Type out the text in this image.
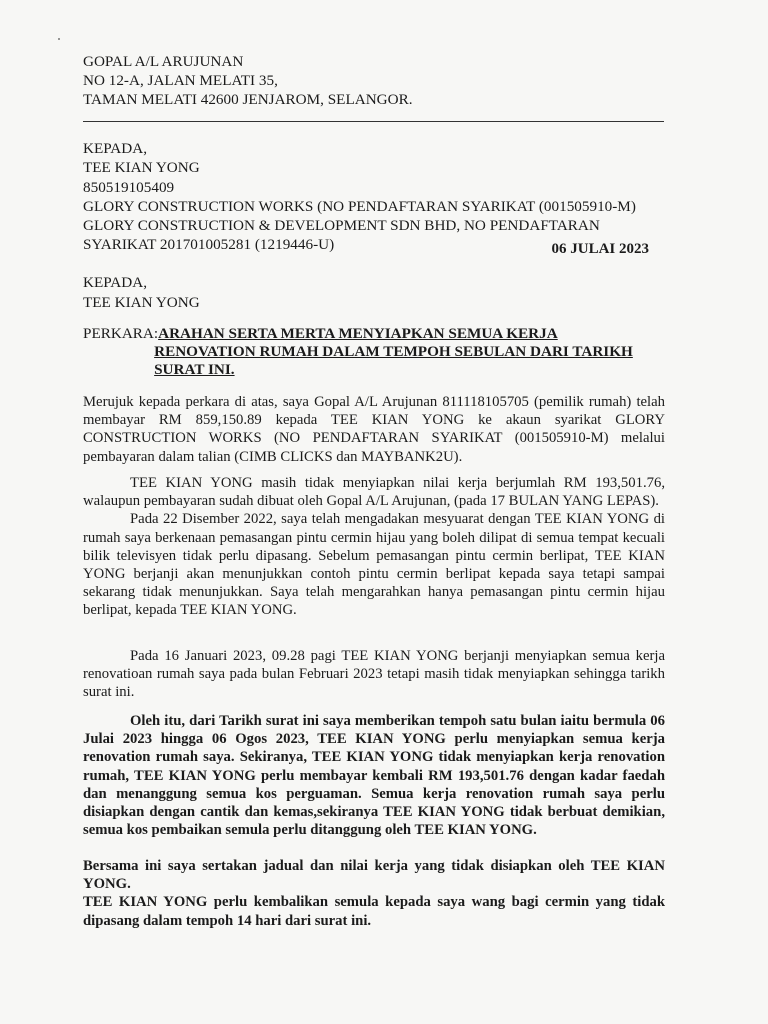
GOPAL A/L ARUJUNAN
NO 12-A, JALAN MELATI 35,
TAMAN MELATI 42600 JENJAROM, SELANGOR.
KEPADA,
TEE KIAN YONG
850519105409
GLORY CONSTRUCTION WORKS (NO PENDAFTARAN SYARIKAT (001505910-M)
GLORY CONSTRUCTION & DEVELOPMENT SDN BHD, NO PENDAFTARAN
SYARIKAT 201701005281 (1219446-U)	06 JULAI 2023
KEPADA,
TEE KIAN YONG
PERKARA: ARAHAN SERTA MERTA MENYIAPKAN SEMUA KERJA
RENOVATION RUMAH DALAM TEMPOH SEBULAN DARI TARIKH
SURAT INI.

Merujuk kepada perkara di atas, saya Gopal A/L Arujunan 811118105705 (pemilik rumah) telah membayar RM 859,150.89 kepada TEE KIAN YONG ke akaun syarikat GLORY CONSTRUCTION WORKS (NO PENDAFTARAN SYARIKAT (001505910-M) melalui pembayaran dalam talian (CIMB CLICKS dan MAYBANK2U).

TEE KIAN YONG masih tidak menyiapkan nilai kerja berjumlah RM 193,501.76, walaupun pembayaran sudah dibuat oleh Gopal A/L Arujunan, (pada 17 BULAN YANG LEPAS).

Pada 22 Disember 2022, saya telah mengadakan mesyuarat dengan TEE KIAN YONG di rumah saya berkenaan pemasangan pintu cermin hijau yang boleh dilipat di semua tempat kecuali bilik televisyen tidak perlu dipasang. Sebelum pemasangan pintu cermin berlipat, TEE KIAN YONG berjanji akan menunjukkan contoh pintu cermin berlipat kepada saya tetapi sampai sekarang tidak menunjukkan. Saya telah mengarahkan hanya pemasangan pintu cermin hijau berlipat, kepada TEE KIAN YONG.

Pada 16 Januari 2023, 09.28 pagi TEE KIAN YONG berjanji menyiapkan semua kerja renovatioan rumah saya pada bulan Februari 2023 tetapi masih tidak menyiapkan sehingga tarikh surat ini.

Oleh itu, dari Tarikh surat ini saya memberikan tempoh satu bulan iaitu bermula 06 Julai 2023 hingga 06 Ogos 2023, TEE KIAN YONG perlu menyiapkan semua kerja renovation rumah saya. Sekiranya, TEE KIAN YONG tidak menyiapkan kerja renovation rumah, TEE KIAN YONG perlu membayar kembali RM 193,501.76 dengan kadar faedah dan menanggung semua kos perguaman. Semua kerja renovation rumah saya perlu disiapkan dengan cantik dan kemas,sekiranya TEE KIAN YONG tidak berbuat demikian, semua kos pembaikan semula perlu ditanggung oleh TEE KIAN YONG.

Bersama ini saya sertakan jadual dan nilai kerja yang tidak disiapkan oleh TEE KIAN YONG.

TEE KIAN YONG perlu kembalikan semula kepada saya wang bagi cermin yang tidak dipasang dalam tempoh 14 hari dari surat ini.
